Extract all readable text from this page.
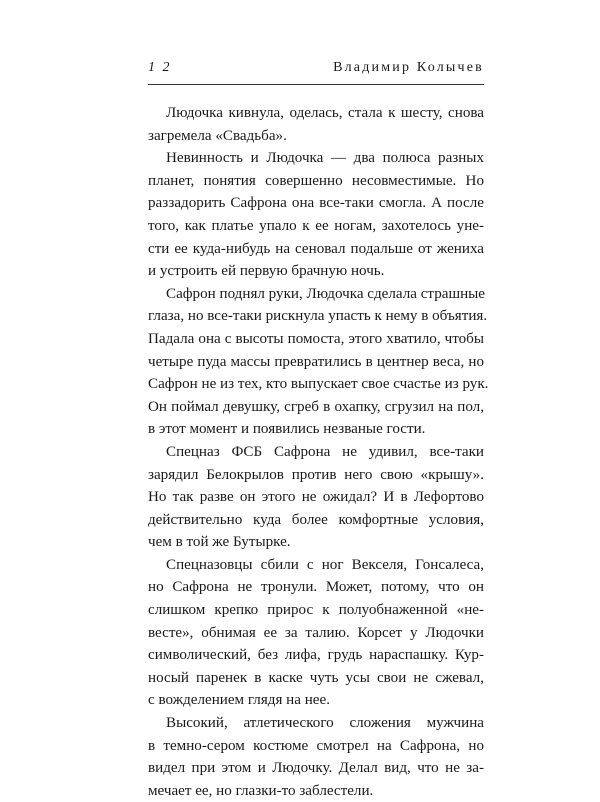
1 2	Владимир Колычев

Людочка кивнула, оделась, стала к шесту, снова
загремела «Свадьба».

Невинность и Людочка — два полюса разных
планет, понятия совершенно несовместимые. Но
раззадорить Сафрона она все-таки смогла. А после
того, как платье упало к ее ногам, захотелось уне-
сти ее куда-нибудь на сеновал подальше от жениха
и устроить ей первую брачную ночь.

Сафрон поднял руки, Людочка сделала страшные
глаза, но все-таки рискнула упасть к нему в объятия.
Падала она с высоты помоста, этого хватило, чтобы
четыре пуда массы превратились в центнер веса, но
Сафрон не из тех, кто выпускает свое счастье из рук.
Он поймал девушку, сгреб в охапку, сгрузил на пол,
в этот момент и появились незваные гости.

Спецназ ФСБ Сафрона не удивил, все-таки
зарядил Белокрылов против него свою «крышу».
Но так разве он этого не ожидал? И в Лефортово
действительно куда более комфортные условия,
чем в той же Бутырке.

Спецназовцы сбили с ног Векселя, Гонсалеса,
но Сафрона не тронули. Может, потому, что он
слишком крепко прирос к полуобнаженной «не-
весте», обнимая ее за талию. Корсет у Людочки
символический, без лифа, грудь нараспашку. Кур-
носый паренек в каске чуть усы свои не сжевал,
с вожделением глядя на нее.

Высокий, атлетического сложения мужчина
в темно-сером костюме смотрел на Сафрона, но
видел при этом и Людочку. Делал вид, что не за-
мечает ее, но глазки-то заблестели.
